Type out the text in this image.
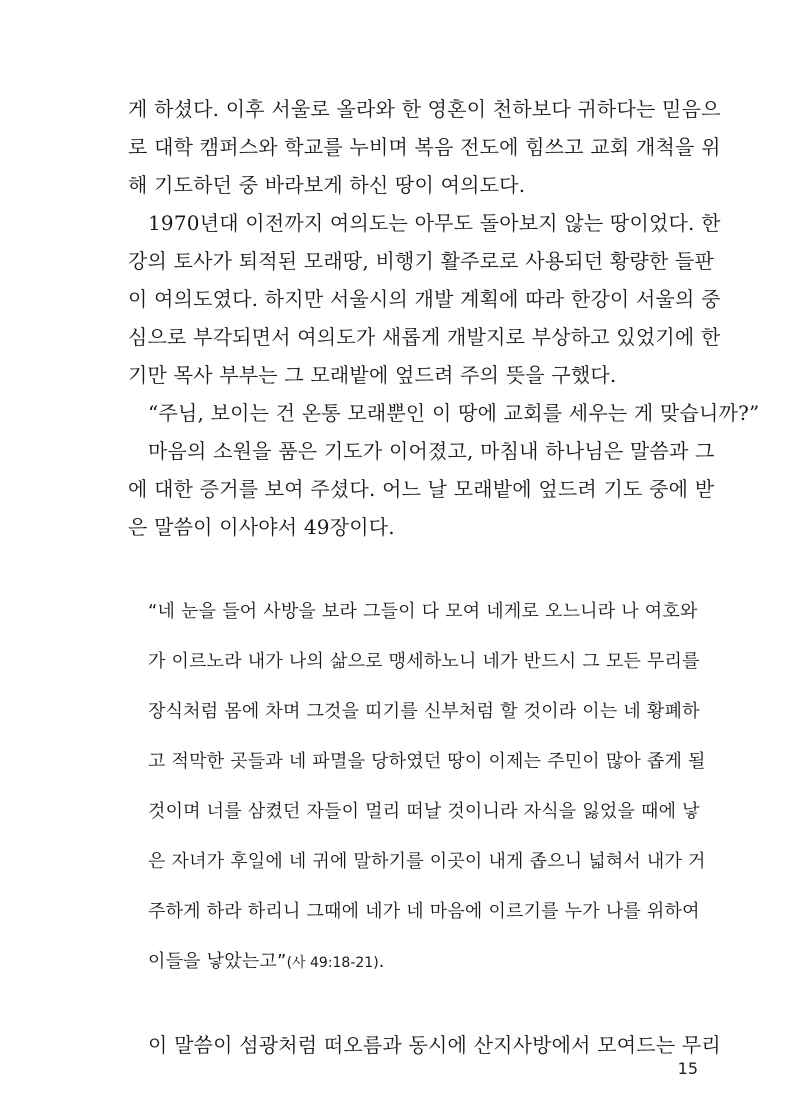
게 하셨다. 이후 서울로 올라와 한 영혼이 천하보다 귀하다는 믿음으
로 대학 캠퍼스와 학교를 누비며 복음 전도에 힘쓰고 교회 개척을 위
해 기도하던 중 바라보게 하신 땅이 여의도다.
1970년대 이전까지 여의도는 아무도 돌아보지 않는 땅이었다. 한
강의 토사가 퇴적된 모래땅, 비행기 활주로로 사용되던 황량한 들판
이 여의도였다. 하지만 서울시의 개발 계획에 따라 한강이 서울의 중
심으로 부각되면서 여의도가 새롭게 개발지로 부상하고 있었기에 한
기만 목사 부부는 그 모래밭에 엎드려 주의 뜻을 구했다.
“주님, 보이는 건 온통 모래뿐인 이 땅에 교회를 세우는 게 맞습니까?”
마음의 소원을 품은 기도가 이어졌고, 마침내 하나님은 말씀과 그
에 대한 증거를 보여 주셨다. 어느 날 모래밭에 엎드려 기도 중에 받
은 말씀이 이사야서 49장이다.
“네 눈을 들어 사방을 보라 그들이 다 모여 네게로 오느니라 나 여호와
가 이르노라 내가 나의 삶으로 맹세하노니 네가 반드시 그 모든 무리를
장식처럼 몸에 차며 그것을 띠기를 신부처럼 할 것이라 이는 네 황폐하
고 적막한 곳들과 네 파멸을 당하였던 땅이 이제는 주민이 많아 좁게 될
것이며 너를 삼켰던 자들이 멀리 떠날 것이니라 자식을 잃었을 때에 낳
은 자녀가 후일에 네 귀에 말하기를 이곳이 내게 좁으니 넓혀서 내가 거
주하게 하라 하리니 그때에 네가 네 마음에 이르기를 누가 나를 위하여
이들을 낳았는고”(사 49:18-21).
이 말씀이 섬광처럼 떠오름과 동시에 산지사방에서 모여드는 무리
15
